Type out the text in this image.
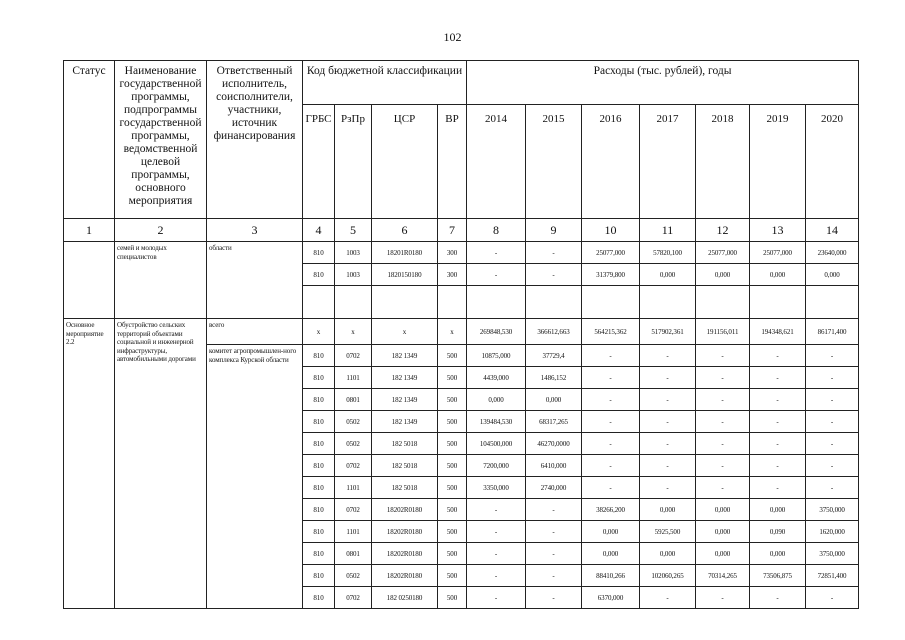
102
Статус	Наименование государственной программы, подпрограммы государственной программы, ведомственной целевой программы, основного мероприятия	Ответственный исполнитель, соисполнители, участники, источник финансирования	Код бюджетной классификации				Расходы (тыс. рублей), годы						
			ГРБС	РзПр	ЦСР	ВР	2014	2015	2016	2017	2018	2019	2020
1	2	3	4	5	6	7	8	9	10	11	12	13	14
	семей и молодых специалистов	области	810	1003	18201R0180	300	-	-	25077,000	57820,100	25077,000	25077,000	23640,000
			810	1003	1820150180	300	-	-	31379,800	0,000	0,000	0,000	0,000

Основное мероприятие 2.2	Обустройство сельских территорий объектами социальной и инженерной инфраструктуры, автомобильными дорогами	всего	х	х	х	х	269848,530	366612,663	564215,362	517902,361	191156,011	194348,621	86171,400
		комитет агропромышлен-ного комплекса Курской области	810	0702	182 1349	500	10875,000	37729,4	-	-	-	-	-
			810	1101	182 1349	500	4439,000	1486,152	-	-	-	-	-
			810	0801	182 1349	500	0,000	0,000	-	-	-	-	-
			810	0502	182 1349	500	139484,530	68317,265	-	-	-	-	-
			810	0502	182 5018	500	104500,000	46270,0000	-	-	-	-	-
			810	0702	182 5018	500	7200,000	6410,000	-	-	-	-	-
			810	1101	182 5018	500	3350,000	2740,000	-	-	-	-	-
			810	0702	18202R0180	500	-	-	38266,200	0,000	0,000	0,000	3750,000
			810	1101	18202R0180	500	-	-	0,000	5925,500	0,000	0,090	1620,000
			810	0801	18202R0180	500	-	-	0,000	0,000	0,000	0,000	3750,000
			810	0502	18202R0180	500	-	-	88410,266	102060,265	70314,265	73506,875	72851,400
			810	0702	182 0250180	500	-	-	6370,000	-	-	-	-
